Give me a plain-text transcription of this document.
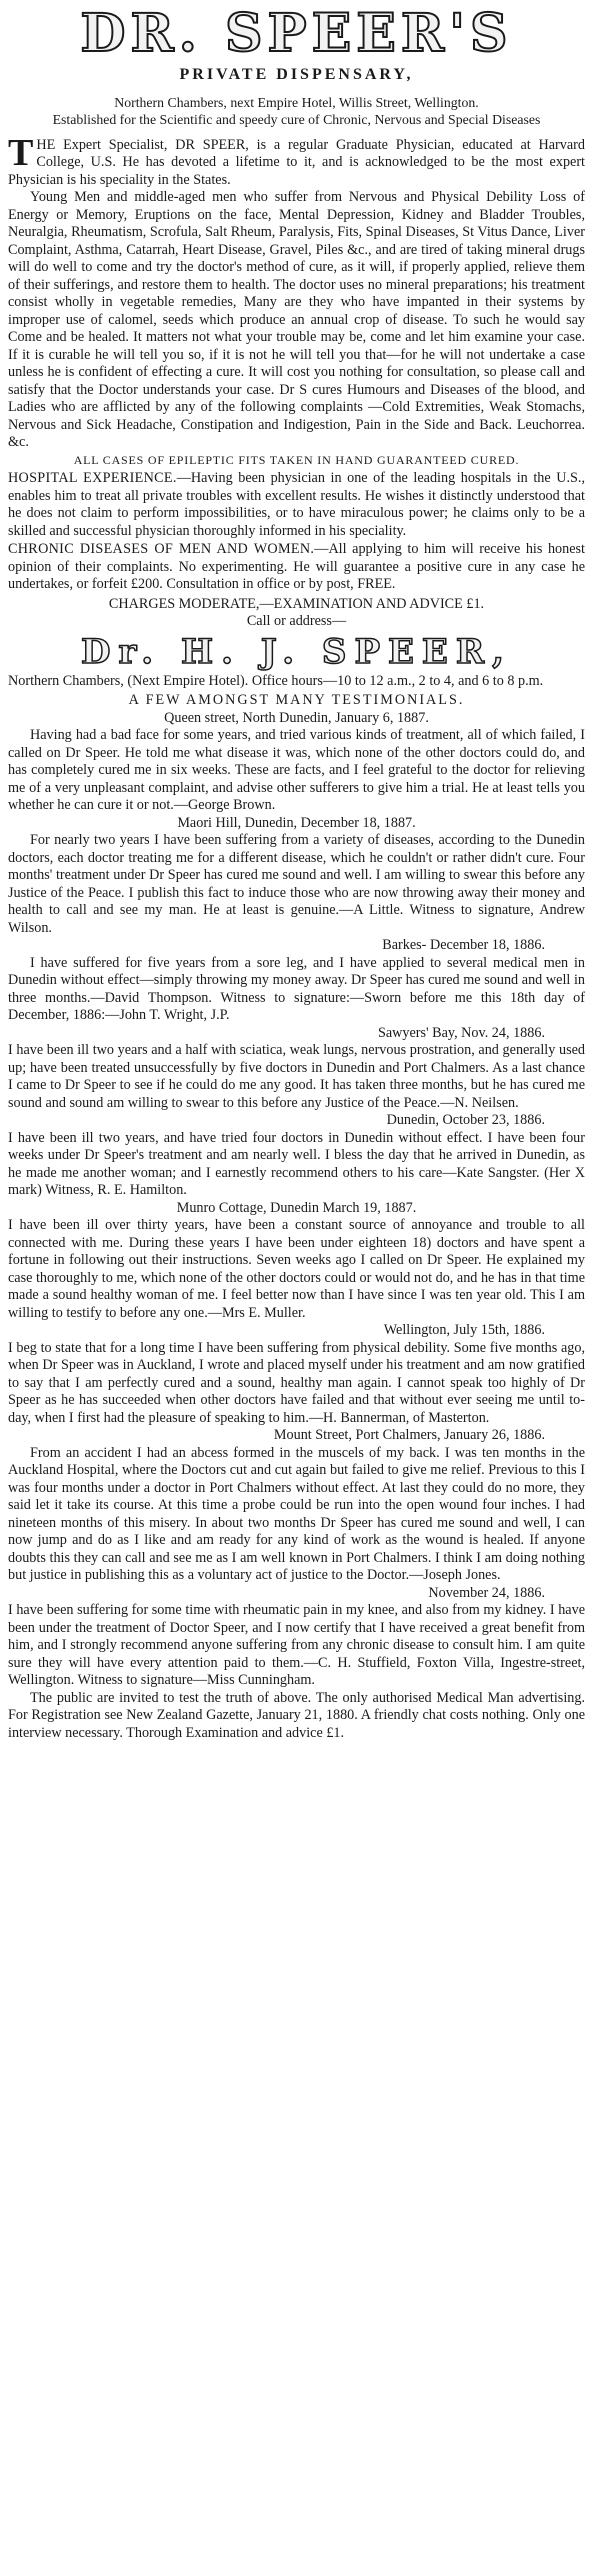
DR. SPEER'S
PRIVATE DISPENSARY,
Northern Chambers, next Empire Hotel, Willis Street, Wellington.
Established for the Scientific and speedy cure of Chronic, Nervous and Special Diseases

THE Expert Specialist, DR SPEER, is a regular Graduate Physician, educated at Harvard College, U.S. He has devoted a lifetime to it, and is acknowledged to be the most expert Physician is his speciality in the States.

Young Men and middle-aged men who suffer from Nervous and Physical Debility Loss of Energy or Memory, Eruptions on the face, Mental Depression, Kidney and Bladder Troubles, Neuralgia, Rheumatism, Scrofula, Salt Rheum, Paralysis, Fits, Spinal Diseases, St Vitus Dance, Liver Complaint, Asthma, Catarrah, Heart Disease, Gravel, Piles &c., and are tired of taking mineral drugs will do well to come and try the doctor's method of cure, as it will, if properly applied, relieve them of their sufferings, and restore them to health. The doctor uses no mineral preparations; his treatment consist wholly in vegetable remedies, Many are they who have impanted in their systems by improper use of calomel, seeds which produce an annual crop of disease. To such he would say Come and be healed. It matters not what your trouble may be, come and let him examine your case. If it is curable he will tell you so, if it is not he will tell you that—for he will not undertake a case unless he is confident of effecting a cure. It will cost you nothing for consultation, so please call and satisfy that the Doctor understands your case. Dr S cures Humours and Diseases of the blood, and Ladies who are afflicted by any of the following complaints —Cold Extremities, Weak Stomachs, Nervous and Sick Headache, Constipation and Indigestion, Pain in the Side and Back. Leuchorrea. &c.

ALL CASES OF EPILEPTIC FITS TAKEN IN HAND GUARANTEED CURED.

HOSPITAL EXPERIENCE.—Having been physician in one of the leading hospitals in the U.S., enables him to treat all private troubles with excellent results. He wishes it distinctly understood that he does not claim to perform impossibilities, or to have miraculous power; he claims only to be a skilled and successful physician thoroughly informed in his speciality.

CHRONIC DISEASES OF MEN AND WOMEN.—All applying to him will receive his honest opinion of their complaints. No experimenting. He will guarantee a positive cure in any case he undertakes, or forfeit £200. Consultation in office or by post, FREE.

CHARGES MODERATE,—EXAMINATION AND ADVICE £1.
Call or address—
Dr. H. J. SPEER,

Northern Chambers, (Next Empire Hotel). Office hours—10 to 12 a.m., 2 to 4, and 6 to 8 p.m.

A FEW AMONGST MANY TESTIMONIALS.
Queen street, North Dunedin, January 6, 1887.

Having had a bad face for some years, and tried various kinds of treatment, all of which failed, I called on Dr Speer. He told me what disease it was, which none of the other doctors could do, and has completely cured me in six weeks. These are facts, and I feel grateful to the doctor for relieving me of a very unpleasant complaint, and advise other sufferers to give him a trial. He at least tells you whether he can cure it or not.—George Brown.

Maori Hill, Dunedin, December 18, 1887.

For nearly two years I have been suffering from a variety of diseases, according to the Dunedin doctors, each doctor treating me for a different disease, which he couldn't or rather didn't cure. Four months' treatment under Dr Speer has cured me sound and well. I am willing to swear this before any Justice of the Peace. I publish this fact to induce those who are now throwing away their money and health to call and see my man. He at least is genuine.—A Little. Witness to signature, Andrew Wilson.

Barkes- December 18, 1886.

I have suffered for five years from a sore leg, and I have applied to several medical men in Dunedin without effect—simply throwing my money away. Dr Speer has cured me sound and well in three months.—David Thompson. Witness to signature:—Sworn before me this 18th day of December, 1886:—John T. Wright, J.P.

Sawyers' Bay, Nov. 24, 1886.

I have been ill two years and a half with sciatica, weak lungs, nervous prostration, and generally used up; have been treated unsuccessfully by five doctors in Dunedin and Port Chalmers. As a last chance I came to Dr Speer to see if he could do me any good. It has taken three months, but he has cured me sound and sound am willing to swear to this before any Justice of the Peace.—N. Neilsen.

Dunedin, October 23, 1886.

I have been ill two years, and have tried four doctors in Dunedin without effect. I have been four weeks under Dr Speer's treatment and am nearly well. I bless the day that he arrived in Dunedin, as he made me another woman; and I earnestly recommend others to his care—Kate Sangster. (Her X mark) Witness, R. E. Hamilton.

Munro Cottage, Dunedin March 19, 1887.

I have been ill over thirty years, have been a constant source of annoyance and trouble to all connected with me. During these years I have been under eighteen 18) doctors and have spent a fortune in following out their instructions. Seven weeks ago I called on Dr Speer. He explained my case thoroughly to me, which none of the other doctors could or would not do, and he has in that time made a sound healthy woman of me. I feel better now than I have since I was ten year old. This I am willing to testify to before any one.—Mrs E. Muller.

Wellington, July 15th, 1886.

I beg to state that for a long time I have been suffering from physical debility. Some five months ago, when Dr Speer was in Auckland, I wrote and placed myself under his treatment and am now gratified to say that I am perfectly cured and a sound, healthy man again. I cannot speak too highly of Dr Speer as he has succeeded when other doctors have failed and that without ever seeing me until to-day, when I first had the pleasure of speaking to him.—H. Bannerman, of Masterton.

Mount Street, Port Chalmers, January 26, 1886.

From an accident I had an abcess formed in the muscels of my back. I was ten months in the Auckland Hospital, where the Doctors cut and cut again but failed to give me relief. Previous to this I was four months under a doctor in Port Chalmers without effect. At last they could do no more, they said let it take its course. At this time a probe could be run into the open wound four inches. I had nineteen months of this misery. In about two months Dr Speer has cured me sound and well, I can now jump and do as I like and am ready for any kind of work as the wound is healed. If anyone doubts this they can call and see me as I am well known in Port Chalmers. I think I am doing nothing but justice in publishing this as a voluntary act of justice to the Doctor.—Joseph Jones.

November 24, 1886.

I have been suffering for some time with rheumatic pain in my knee, and also from my kidney. I have been under the treatment of Doctor Speer, and I now certify that I have received a great benefit from him, and I strongly recommend anyone suffering from any chronic disease to consult him. I am quite sure they will have every attention paid to them.—C. H. Stuffield, Foxton Villa, Ingestre-street, Wellington. Witness to signature—Miss Cunningham.

The public are invited to test the truth of above. The only authorised Medical Man advertising. For Registration see New Zealand Gazette, January 21, 1880. A friendly chat costs nothing. Only one interview necessary. Thorough Examination and advice £1.
